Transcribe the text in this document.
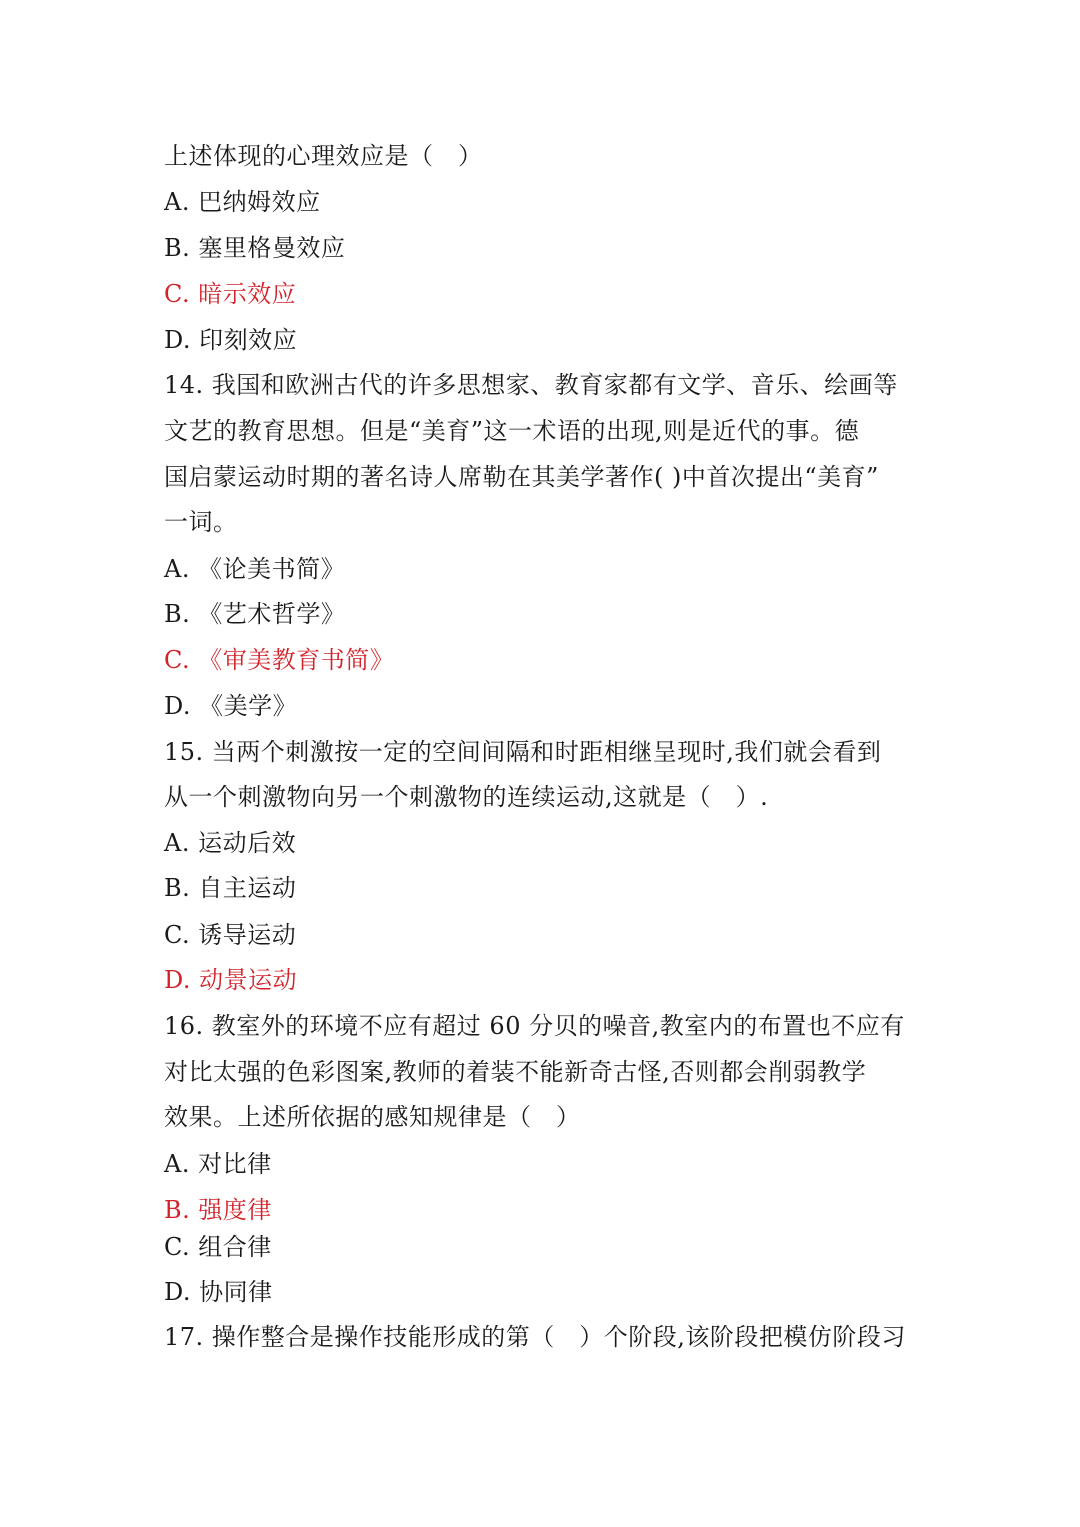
上述体现的心理效应是（　）
A. 巴纳姆效应
B. 塞里格曼效应
C. 暗示效应
D. 印刻效应
14. 我国和欧洲古代的许多思想家、教育家都有文学、音乐、绘画等
文艺的教育思想。但是“美育”这一术语的出现,则是近代的事。德
国启蒙运动时期的著名诗人席勒在其美学著作( )中首次提出“美育”
一词。
A. 《论美书简》
B. 《艺术哲学》
C. 《审美教育书简》
D. 《美学》
15. 当两个刺激按一定的空间间隔和时距相继呈现时,我们就会看到
从一个刺激物向另一个刺激物的连续运动,这就是（　）.
A. 运动后效
B. 自主运动
C. 诱导运动
D. 动景运动
16. 教室外的环境不应有超过 60 分贝的噪音,教室内的布置也不应有
对比太强的色彩图案,教师的着装不能新奇古怪,否则都会削弱教学
效果。上述所依据的感知规律是（　）
A. 对比律
B. 强度律
C. 组合律
D. 协同律
17. 操作整合是操作技能形成的第（　）个阶段,该阶段把模仿阶段习
